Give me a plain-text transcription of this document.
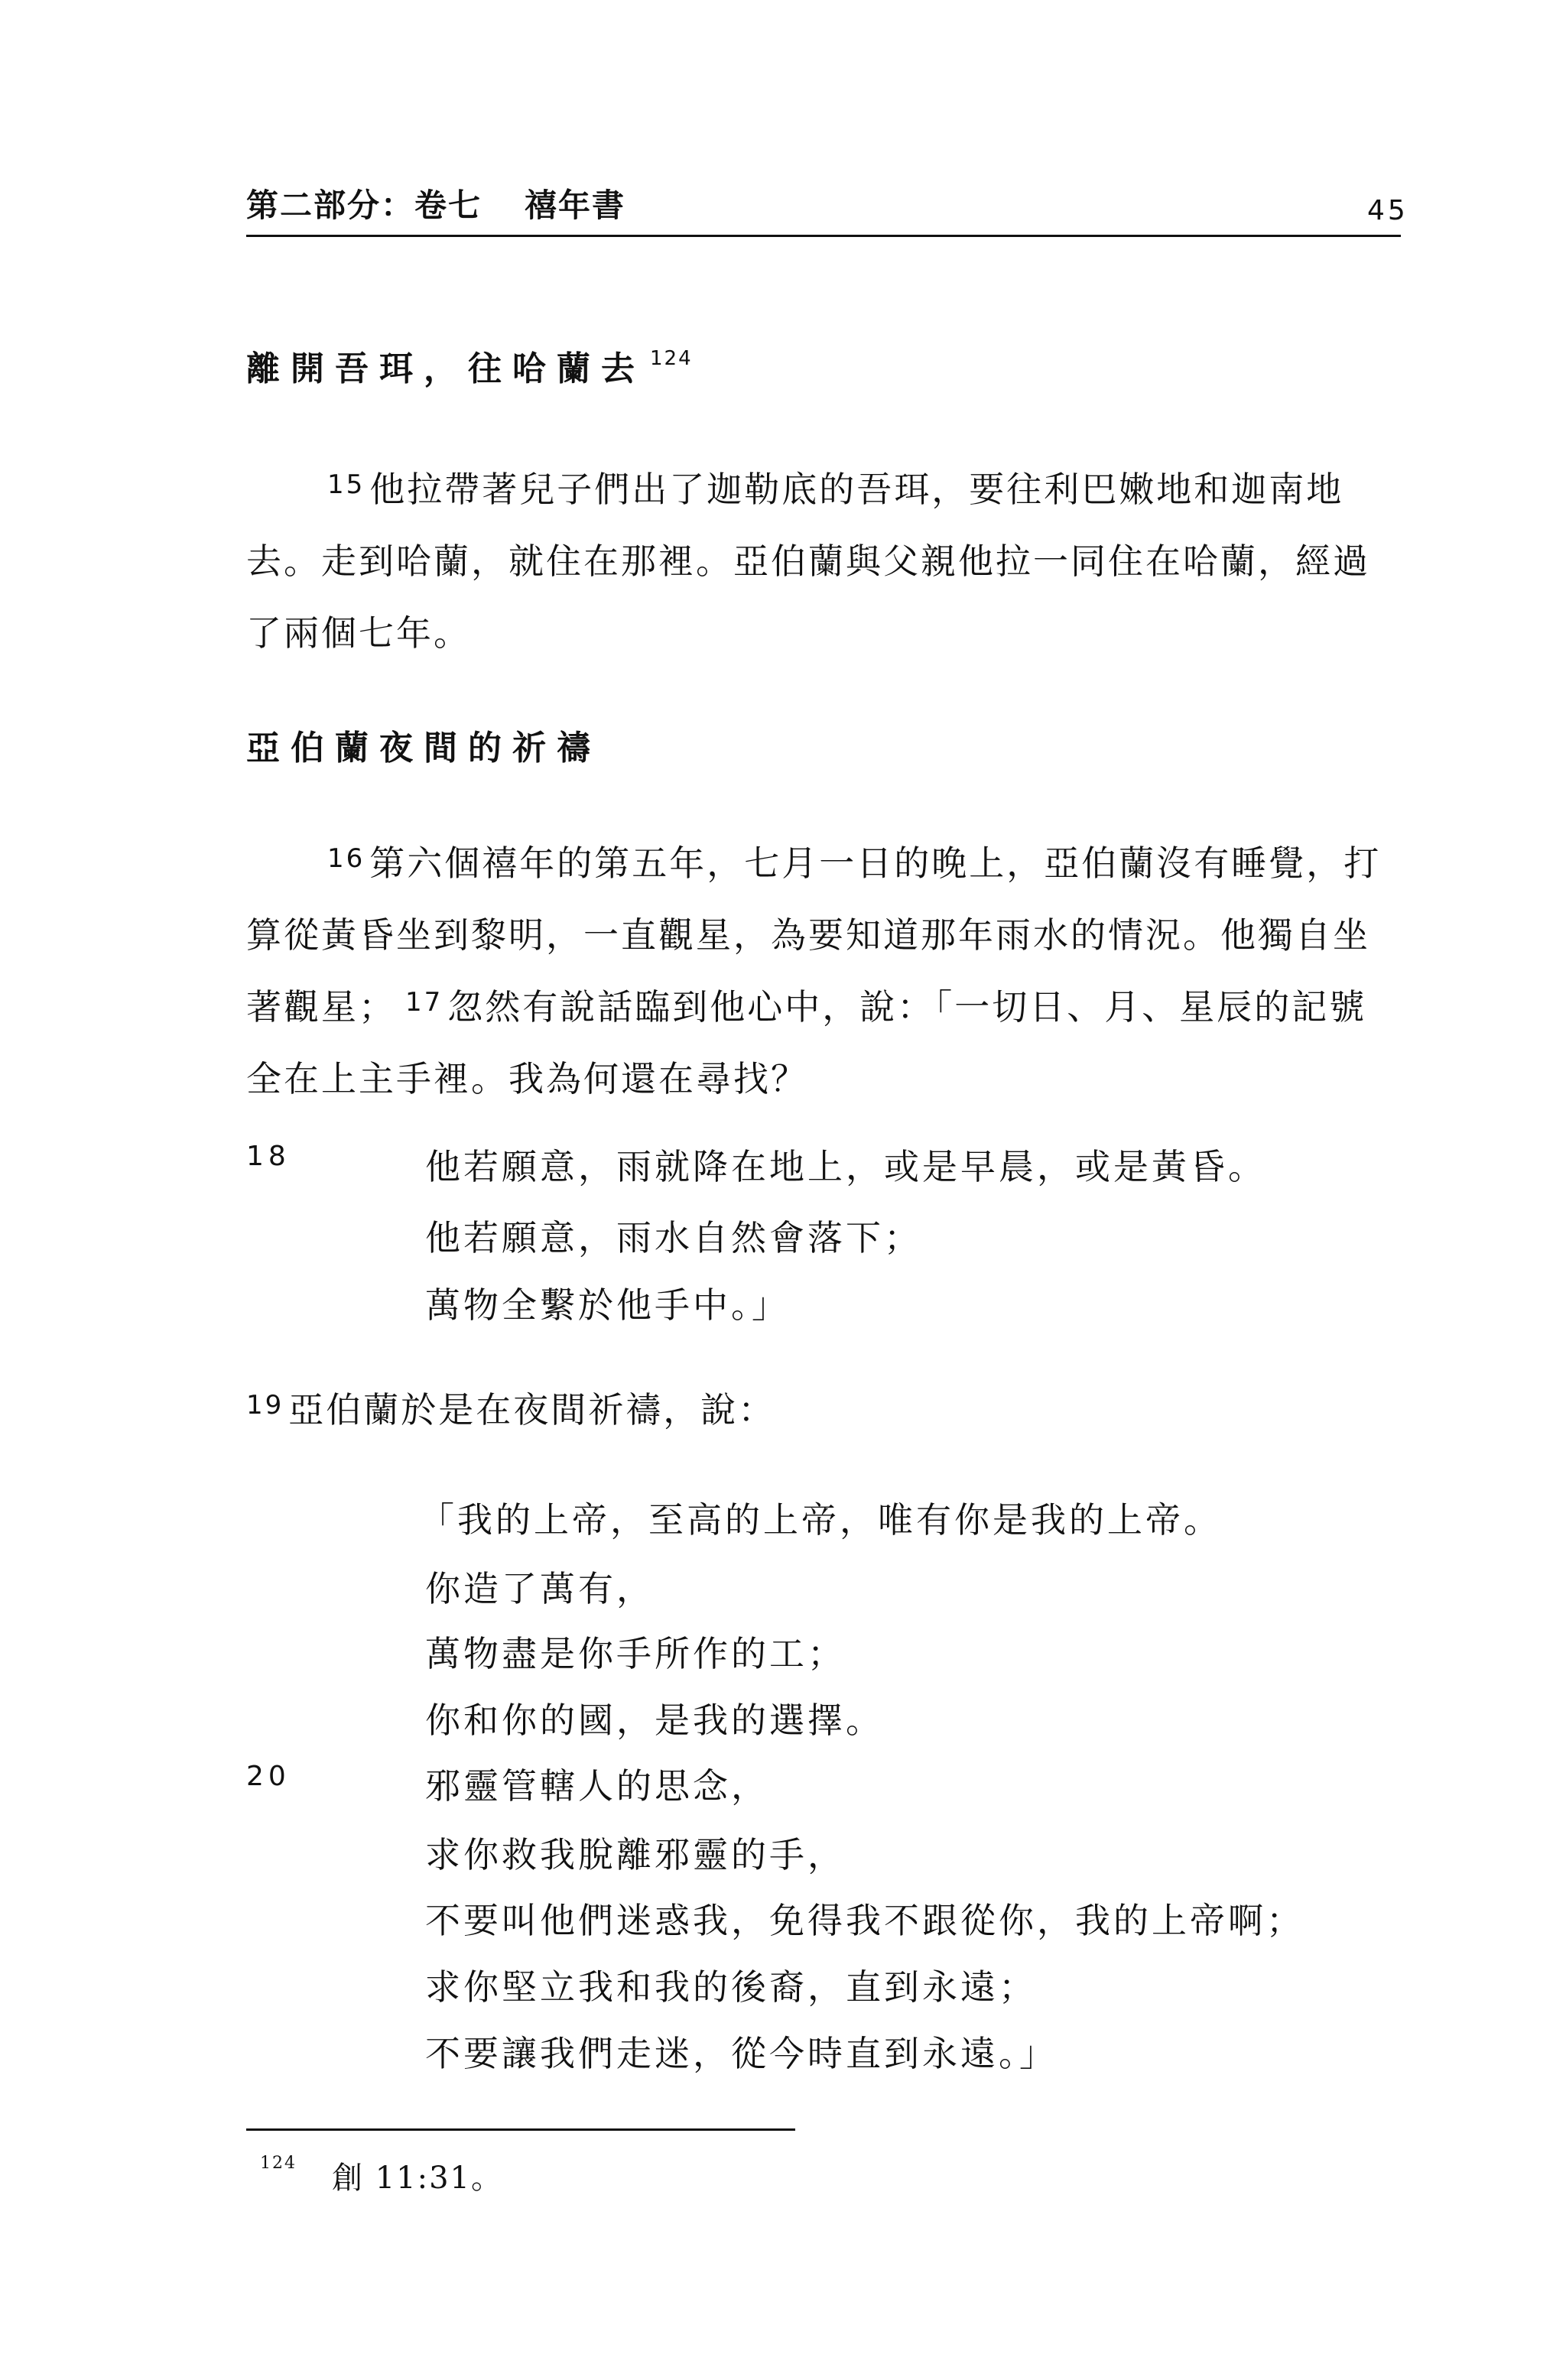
第二部分：卷七 禧年書	45
離開吾珥，往哈蘭去 $^{124}$
$^{15}$ 他拉帶著兒子們出了迦勒底的吾珥，要往利巴嫩地和迦南地去。走到哈蘭，就住在那裡。亞伯蘭與父親他拉一同住在哈蘭，經過了兩個七年。
亞伯蘭夜間的祈禱
$^{16}$ 第六個禧年的第五年，七月一日的晚上，亞伯蘭沒有睡覺，打算從黃昏坐到黎明，一直觀星，為要知道那年雨水的情況。他獨自坐著觀星； $^{17}$ 忽然有說話臨到他心中，說：「一切日、月、星辰的記號全在上主手裡。我為何還在尋找？
18	他若願意，雨就降在地上，或是早晨，或是黃昏。
他若願意，雨水自然會落下；
萬物全繫於他手中。」
$^{19}$ 亞伯蘭於是在夜間祈禱，說：
「我的上帝，至高的上帝，唯有你是我的上帝。
你造了萬有，
萬物盡是你手所作的工；
你和你的國，是我的選擇。
20	邪靈管轄人的思念，
求你救我脫離邪靈的手，
不要叫他們迷惑我，免得我不跟從你，我的上帝啊；
求你堅立我和我的後裔，直到永遠；
不要讓我們走迷，從今時直到永遠。」
$^{124}$ 創 11:31。
